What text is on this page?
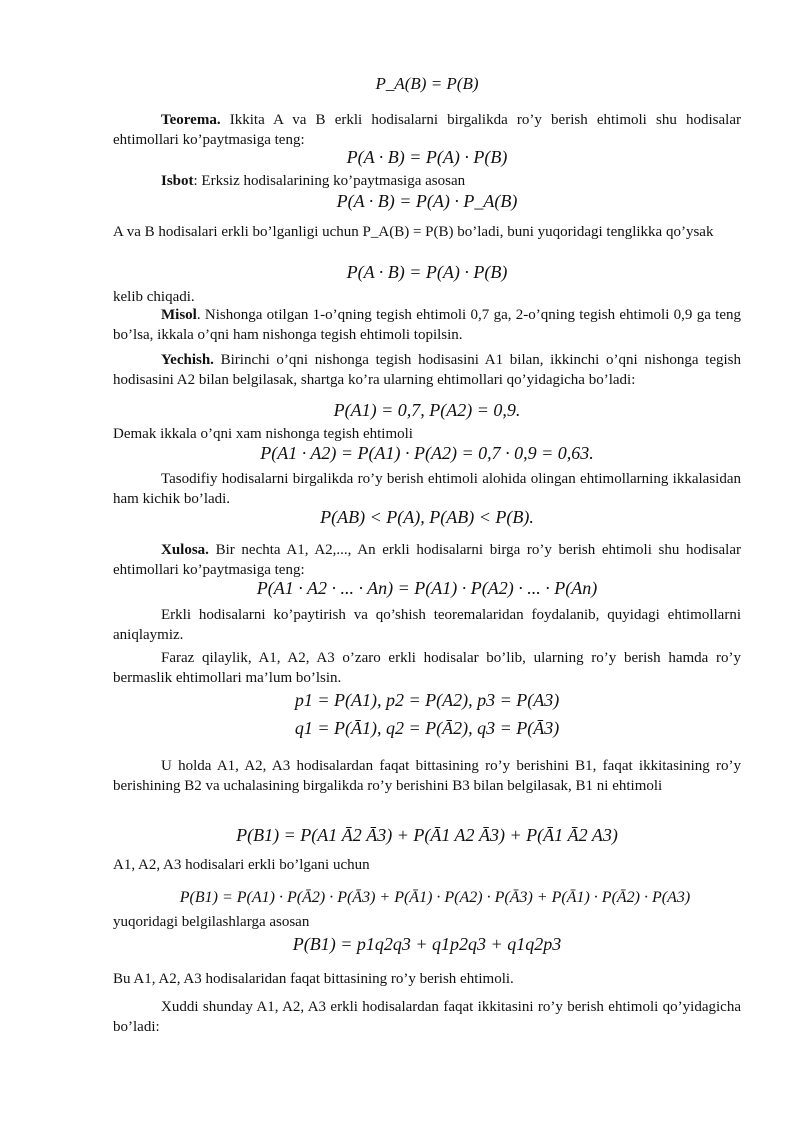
P_A(B) = P(B)
Teorema. Ikkita A va B erkli hodisalarni birgalikda ro’y berish ehtimoli shu hodisalar ehtimollari ko’paytmasiga teng:
P(A · B) = P(A) · P(B)
Isbot: Erksiz hodisalarining ko’paytmasiga asosan
P(A · B) = P(A) · P_A(B)
A va B hodisalari erkli bo’lganligi uchun P_A(B) = P(B) bo’ladi, buni yuqoridagi tenglikka qo’ysak
P(A · B) = P(A) · P(B)
kelib chiqadi.
Misol. Nishonga otilgan 1-o’qning tegish ehtimoli 0,7 ga, 2-o’qning tegish ehtimoli 0,9 ga teng bo’lsa, ikkala o’qni ham nishonga tegish ehtimoli topilsin.
Yechish. Birinchi o’qni nishonga tegish hodisasini A1 bilan, ikkinchi o’qni nishonga tegish hodisasini A2 bilan belgilasak, shartga ko’ra ularning ehtimollari qo’yidagicha bo’ladi:
P(A1) = 0,7, P(A2) = 0,9.
Demak ikkala o’qni xam nishonga tegish ehtimoli
P(A1 · A2) = P(A1) · P(A2) = 0,7 · 0,9 = 0,63.
Tasodifiy hodisalarni birgalikda ro’y berish ehtimoli alohida olingan ehtimollarning ikkalasidan ham kichik bo’ladi.
P(AB) < P(A), P(AB) < P(B).
Xulosa. Bir nechta A1, A2,..., An erkli hodisalarni birga ro’y berish ehtimoli shu hodisalar ehtimollari ko’paytmasiga teng:
P(A1 · A2 · ... · An) = P(A1) · P(A2) · ... · P(An)
Erkli hodisalarni ko’paytirish va qo’shish teoremalaridan foydalanib, quyidagi ehtimollarni aniqlaymiz.
Faraz qilaylik, A1, A2, A3 o’zaro erkli hodisalar bo’lib, ularning ro’y berish hamda ro’y bermaslik ehtimollari ma’lum bo’lsin.
p1 = P(A1), p2 = P(A2), p3 = P(A3)
q1 = P(Ā1), q2 = P(Ā2), q3 = P(Ā3)
U holda A1, A2, A3 hodisalardan faqat bittasining ro’y berishini B1, faqat ikkitasining ro’y berishining B2 va uchalasining birgalikda ro’y berishini B3 bilan belgilasak, B1 ni ehtimoli
P(B1) = P(A1 Ā2 Ā3) + P(Ā1 A2 Ā3) + P(Ā1 Ā2 A3)
A1, A2, A3 hodisalari erkli bo’lgani uchun
P(B1) = P(A1) · P(Ā2) · P(Ā3) + P(Ā1) · P(A2) · P(Ā3) + P(Ā1) · P(Ā2) · P(A3)
yuqoridagi belgilashlarga asosan
P(B1) = p1q2q3 + q1p2q3 + q1q2p3
Bu A1, A2, A3 hodisalaridan faqat bittasining ro’y berish ehtimoli.
Xuddi shunday A1, A2, A3 erkli hodisalardan faqat ikkitasini ro’y berish ehtimoli qo’yidagicha bo’ladi:
